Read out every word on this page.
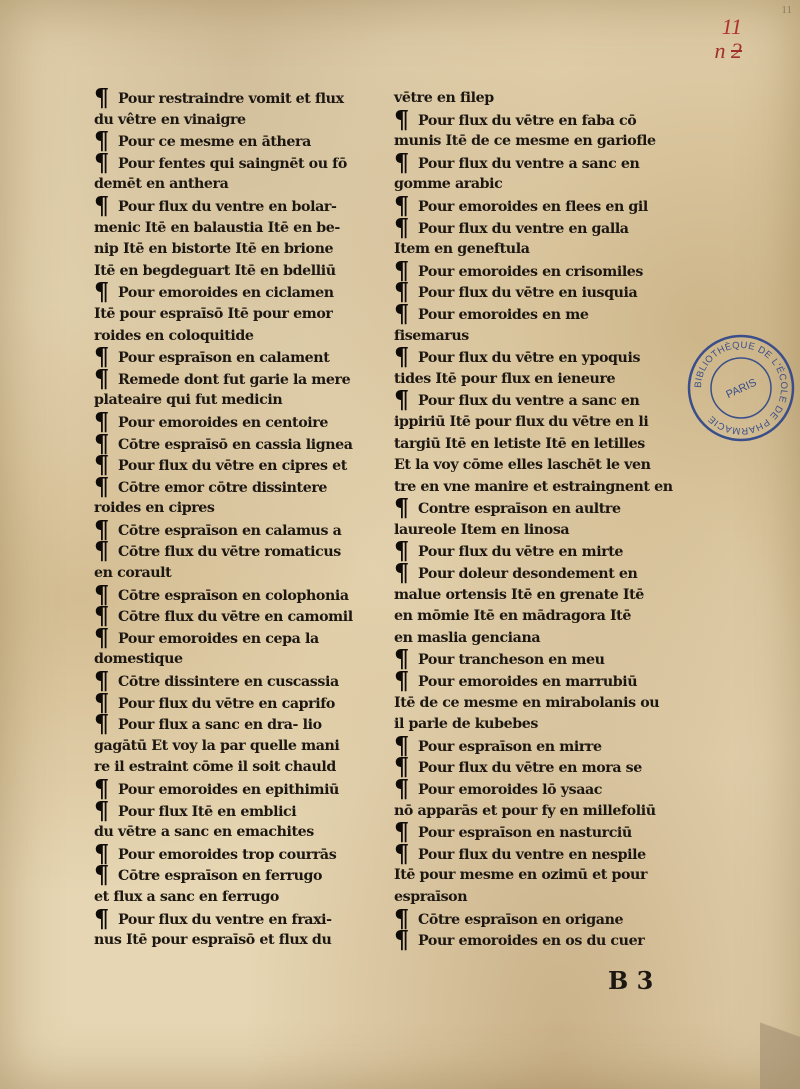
11
11
n 2
¶ Pour restraindre vomit et flux
du vêtre en vinaigre
¶ Pour ce mesme en āthera
¶ Pour fentes qui saingnēt ou fō
demēt en anthera
¶ Pour flux du ventre en bolar-
menic Itē en balaustia Itē en be-
nip Itē en bistorte Itē en brione
Itē en begdeguart Itē en bdelliū
¶ Pour emoroides en ciclamen
Itē pour espraīsō Itē pour emor
roides en coloquitide
¶ Pour espraīson en calament
¶ Remede dont fut garie la mere
plateaire qui fut medicin
¶ Pour emoroides en centoire
¶ Cōtre espraīsō en cassia lignea
¶ Pour flux du vētre en cipres et
¶ Cōtre emor cōtre dissintere
roides en cipres
¶ Cōtre espraīson en calamus a
¶ Cōtre flux du vētre romaticus
en corault
¶ Cōtre espraīson en colophonia
¶ Cōtre flux du vētre en camomil
¶ Pour emoroides en cepa la
domestique
¶ Cōtre dissintere en cuscassia
¶ Pour flux du vētre en caprifo
¶ Pour flux a sanc en dra- lio
gagātū Et voy la par quelle mani
re il estraint cōme il soit chauld
¶ Pour emoroides en epithimiū
¶ Pour flux Itē en emblici
du vētre a sanc en emachites
¶ Pour emoroides trop courrās
¶ Cōtre espraīson en ferrugo
et flux a sanc en ferrugo
¶ Pour flux du ventre en fraxi-
nus Itē pour espraīsō et flux du
vētre en filep
¶ Pour flux du vētre en faba cō
munis Itē de ce mesme en gariofle
¶ Pour flux du ventre a sanc en
gomme arabic
¶ Pour emoroides en flees en gil
¶ Pour flux du ventre en galla
Item en geneftula
¶ Pour emoroides en crisomiles
¶ Pour flux du vētre en iusquia
¶ Pour emoroides en me
fisemarus
¶ Pour flux du vētre en ypoquis
tides Itē pour flux en ieneure
¶ Pour flux du ventre a sanc en
ippiriū Itē pour flux du vētre en li
targiū Itē en letiste Itē en letilles
Et la voy cōme elles laschēt le ven
tre en vne manire et estraingnent en
¶ Contre espraīson en aultre
laureole Item en linosa
¶ Pour flux du vētre en mirte
¶ Pour doleur desondement en
malue ortensis Itē en grenate Itē
en mōmie Itē en mādragora Itē
en maslia genciana
¶ Pour trancheson en meu
¶ Pour emoroides en marrubiū
Itē de ce mesme en mirabolanis ou
il parle de kubebes
¶ Pour espraīson en mirre
¶ Pour flux du vētre en mora se
¶ Pour emoroides lō ysaac
nō apparās et pour fy en millefoliū
¶ Pour espraīson en nasturciū
¶ Pour flux du ventre en nespile
Itē pour mesme en ozimū et pour
espraīson
¶ Cōtre espraīson en origane
¶ Pour emoroides en os du cuer
BIBLIOTHÈQUE DE L'ÉCOLE DE PHARMACIE
PARIS
B 3
